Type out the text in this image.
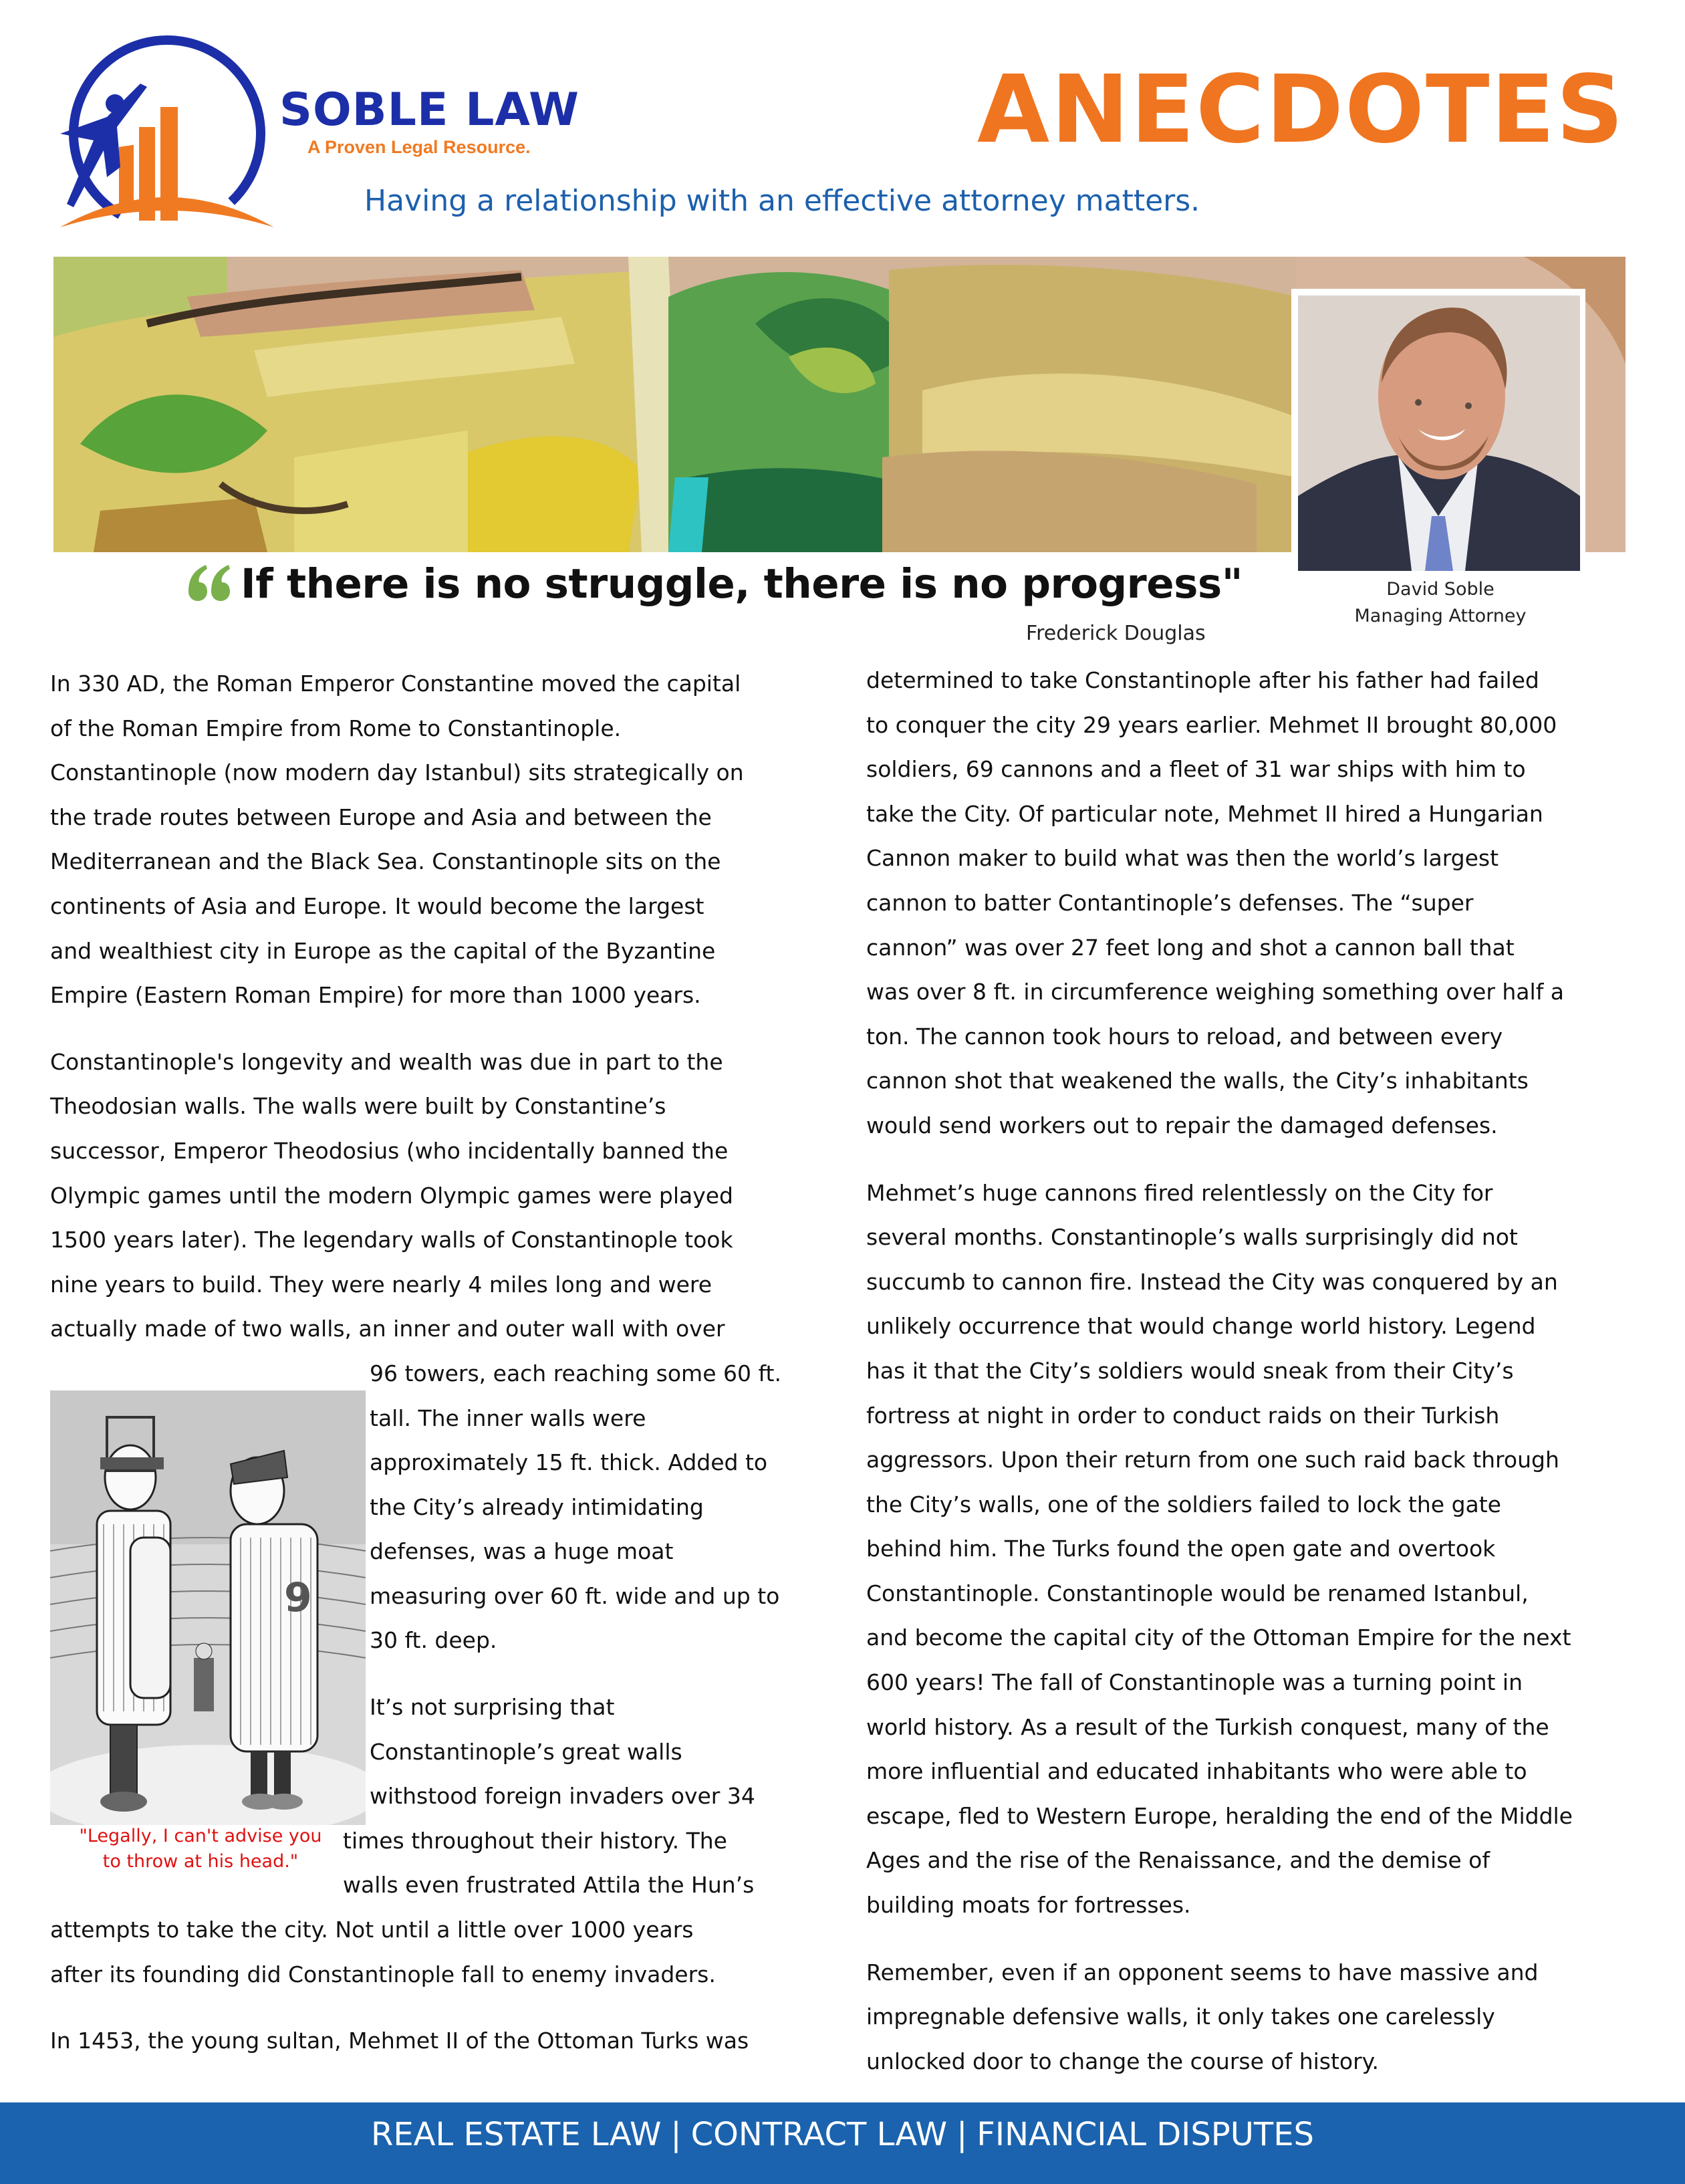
SOBLE LAW
A Proven Legal Resource.	ANECDOTES
Having a relationship with an effective attorney matters.
David Soble
Managing Attorney
If there is no struggle, there is no progress"
Frederick Douglas

In 330 AD, the Roman Emperor Constantine moved the capital
of the Roman Empire from Rome to Constantinople.
Constantinople (now modern day Istanbul) sits strategically on
the trade routes between Europe and Asia and between the
Mediterranean and the Black Sea. Constantinople sits on the
continents of Asia and Europe. It would become the largest
and wealthiest city in Europe as the capital of the Byzantine
Empire (Eastern Roman Empire) for more than 1000 years.

Constantinople's longevity and wealth was due in part to the
Theodosian walls. The walls were built by Constantine’s
successor, Emperor Theodosius (who incidentally banned the
Olympic games until the modern Olympic games were played
1500 years later). The legendary walls of Constantinople took
nine years to build. They were nearly 4 miles long and were
actually made of two walls, an inner and outer wall with over

96 towers, each reaching some 60 ft.
tall. The inner walls were
approximately 15 ft. thick. Added to
the City’s already intimidating
defenses, was a huge moat
measuring over 60 ft. wide and up to
30 ft. deep.

It’s not surprising that
Constantinople’s great walls
withstood foreign invaders over 34
times throughout their history. The
walls even frustrated Attila the Hun’s

attempts to take the city. Not until a little over 1000 years
after its founding did Constantinople fall to enemy invaders.

In 1453, the young sultan, Mehmet II of the Ottoman Turks was

9
"Legally, I can't advise you
to throw at his head."

determined to take Constantinople after his father had failed
to conquer the city 29 years earlier. Mehmet II brought 80,000
soldiers, 69 cannons and a fleet of 31 war ships with him to
take the City. Of particular note, Mehmet II hired a Hungarian
Cannon maker to build what was then the world’s largest
cannon to batter Contantinople’s defenses. The “super
cannon” was over 27 feet long and shot a cannon ball that
was over 8 ft. in circumference weighing something over half a
ton. The cannon took hours to reload, and between every
cannon shot that weakened the walls, the City’s inhabitants
would send workers out to repair the damaged defenses.

Mehmet’s huge cannons fired relentlessly on the City for
several months. Constantinople’s walls surprisingly did not
succumb to cannon fire. Instead the City was conquered by an
unlikely occurrence that would change world history. Legend
has it that the City’s soldiers would sneak from their City’s
fortress at night in order to conduct raids on their Turkish
aggressors. Upon their return from one such raid back through
the City’s walls, one of the soldiers failed to lock the gate
behind him. The Turks found the open gate and overtook
Constantinople. Constantinople would be renamed Istanbul,
and become the capital city of the Ottoman Empire for the next
600 years! The fall of Constantinople was a turning point in
world history. As a result of the Turkish conquest, many of the
more influential and educated inhabitants who were able to
escape, fled to Western Europe, heralding the end of the Middle
Ages and the rise of the Renaissance, and the demise of
building moats for fortresses.

Remember, even if an opponent seems to have massive and
impregnable defensive walls, it only takes one carelessly
unlocked door to change the course of history.

REAL ESTATE LAW | CONTRACT LAW | FINANCIAL DISPUTES
